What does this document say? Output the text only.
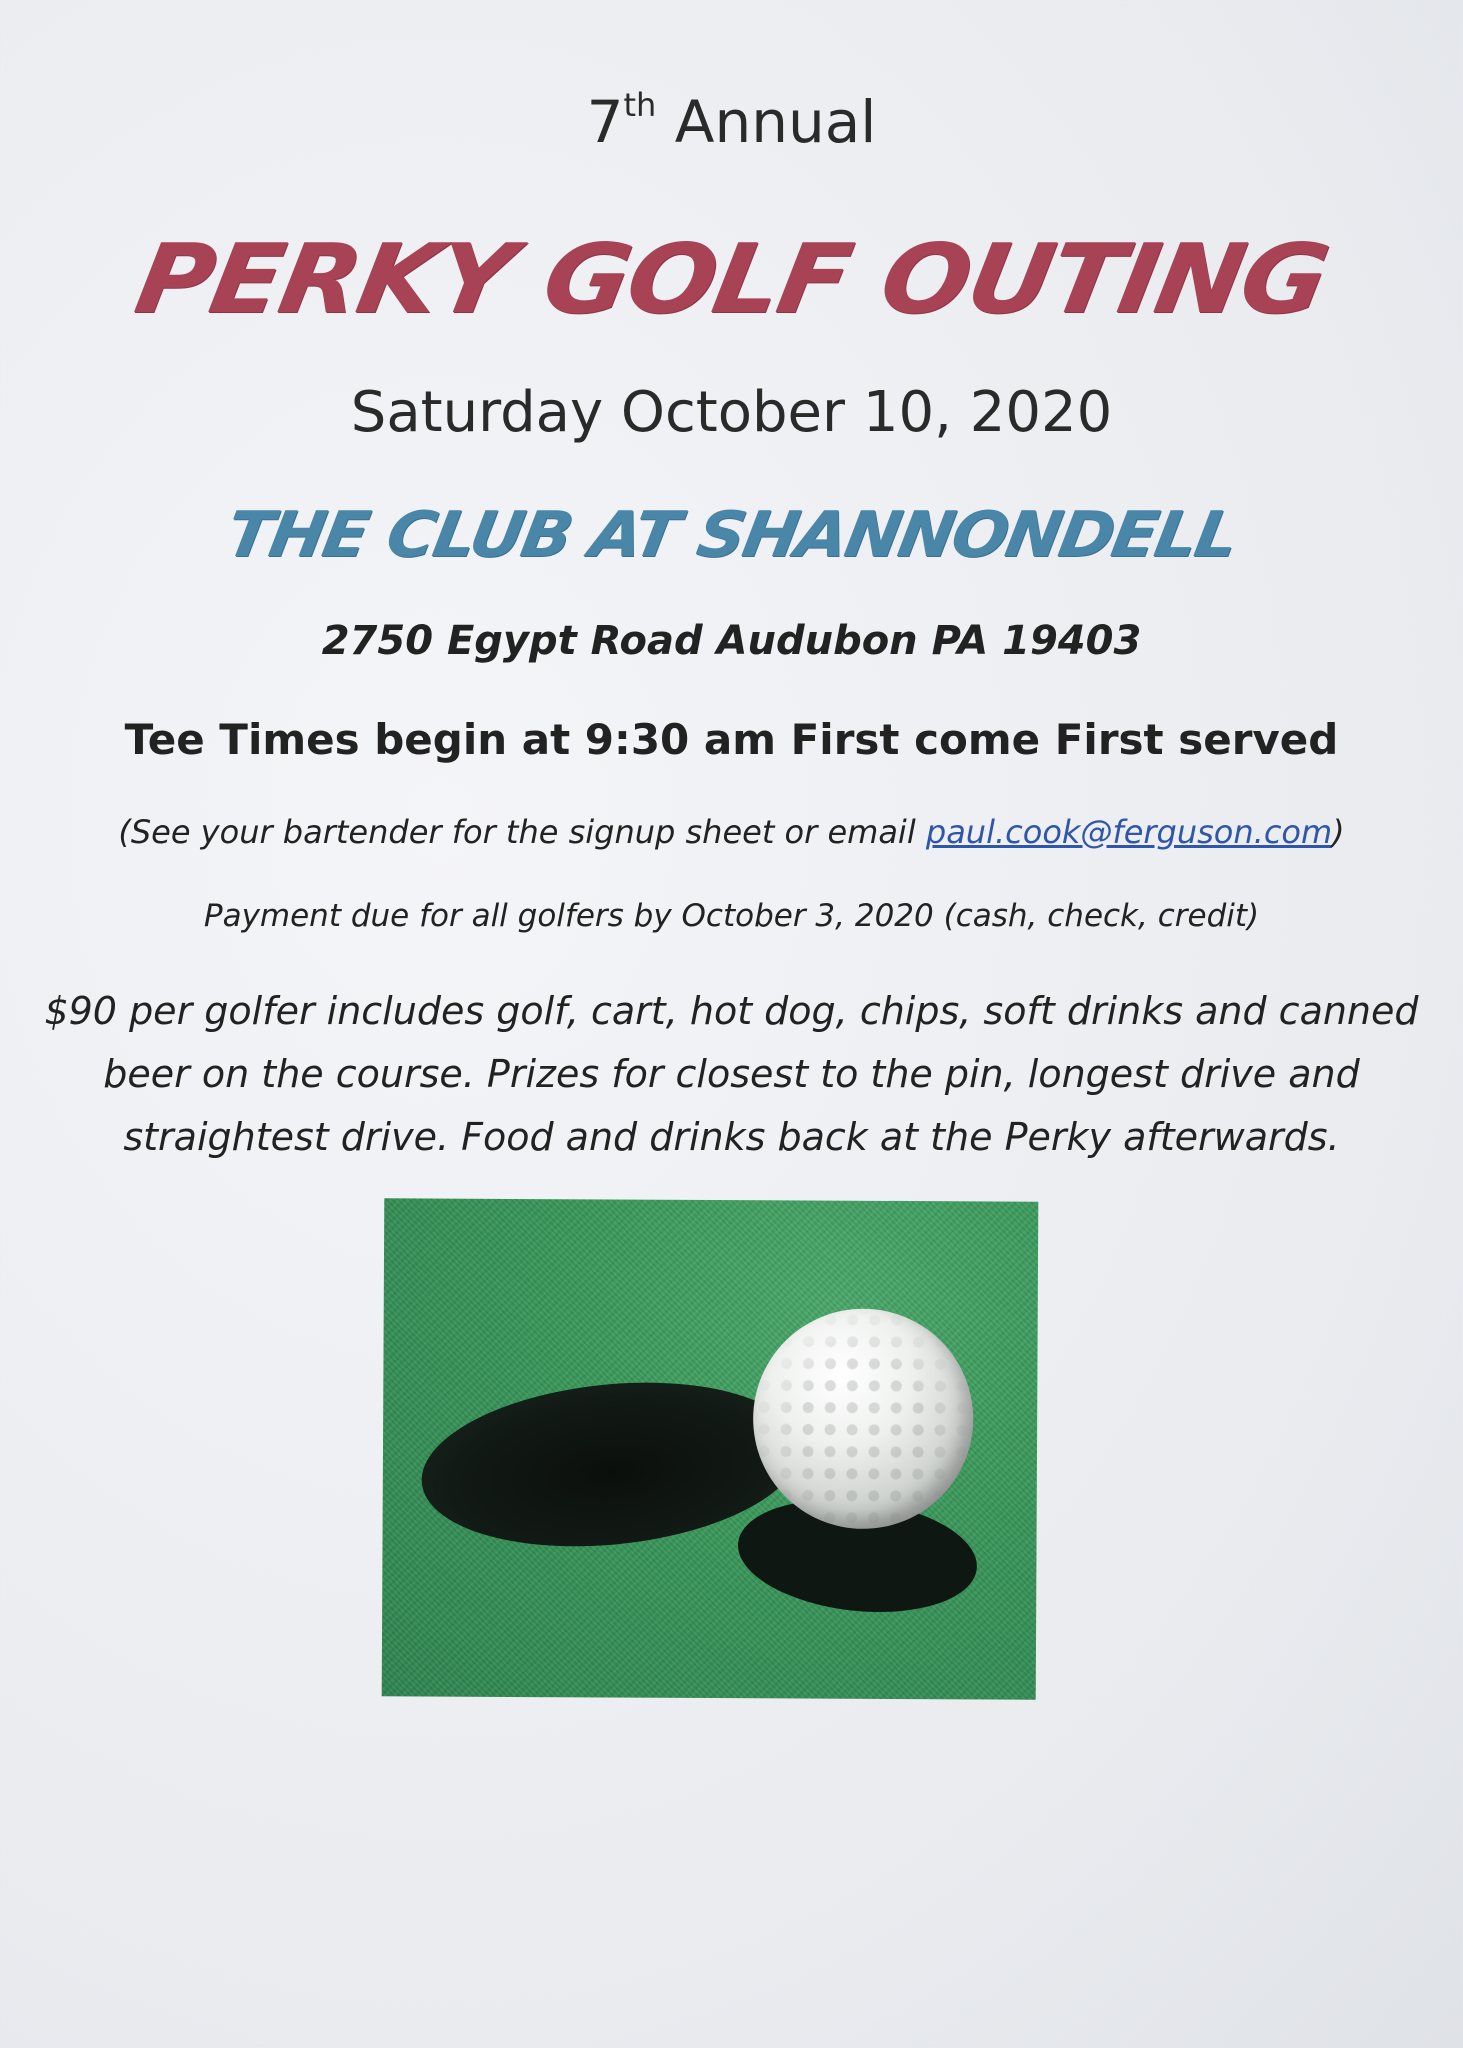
7th Annual
PERKY GOLF OUTING
Saturday October 10, 2020
THE CLUB AT SHANNONDELL
2750 Egypt Road Audubon PA 19403
Tee Times begin at 9:30 am First come First served
(See your bartender for the signup sheet or email paul.cook@ferguson.com)
Payment due for all golfers by October 3, 2020 (cash, check, credit)
$90 per golfer includes golf, cart, hot dog, chips, soft drinks and canned
beer on the course. Prizes for closest to the pin, longest drive and
straightest drive. Food and drinks back at the Perky afterwards.
